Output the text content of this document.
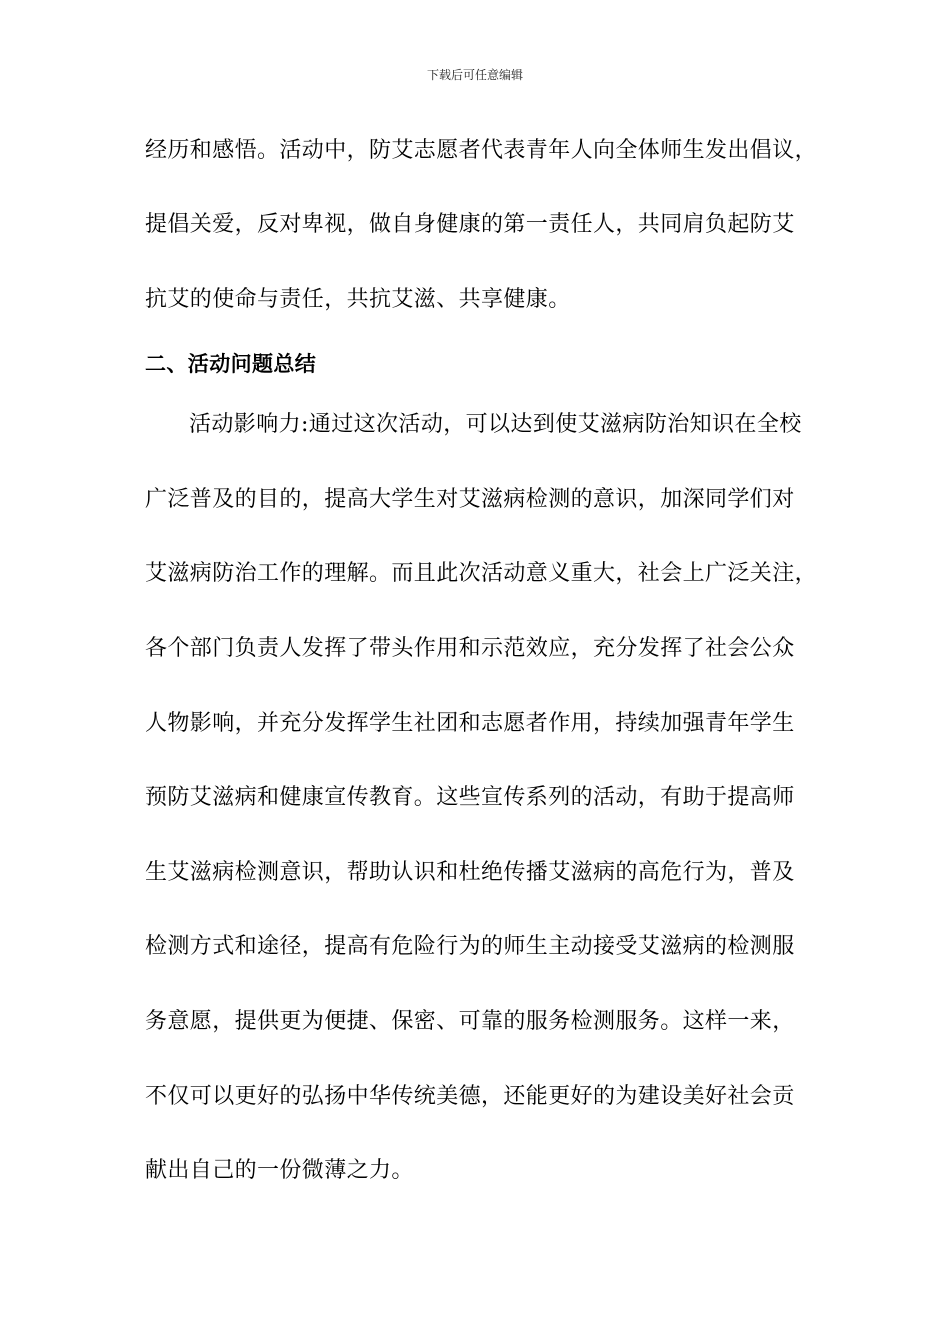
下载后可任意编辑
经历和感悟。活动中，防艾志愿者代表青年人向全体师生发出倡议，
提倡关爱，反对卑视，做自身健康的第一责任人，共同肩负起防艾
抗艾的使命与责任，共抗艾滋、共享健康。
二、活动问题总结
活动影响力:通过这次活动，可以达到使艾滋病防治知识在全校
广泛普及的目的，提高大学生对艾滋病检测的意识，加深同学们对
艾滋病防治工作的理解。而且此次活动意义重大，社会上广泛关注，
各个部门负责人发挥了带头作用和示范效应，充分发挥了社会公众
人物影响，并充分发挥学生社团和志愿者作用，持续加强青年学生
预防艾滋病和健康宣传教育。这些宣传系列的活动，有助于提高师
生艾滋病检测意识，帮助认识和杜绝传播艾滋病的高危行为，普及
检测方式和途径，提高有危险行为的师生主动接受艾滋病的检测服
务意愿，提供更为便捷、保密、可靠的服务检测服务。这样一来，
不仅可以更好的弘扬中华传统美德，还能更好的为建设美好社会贡
献出自己的一份微薄之力。
